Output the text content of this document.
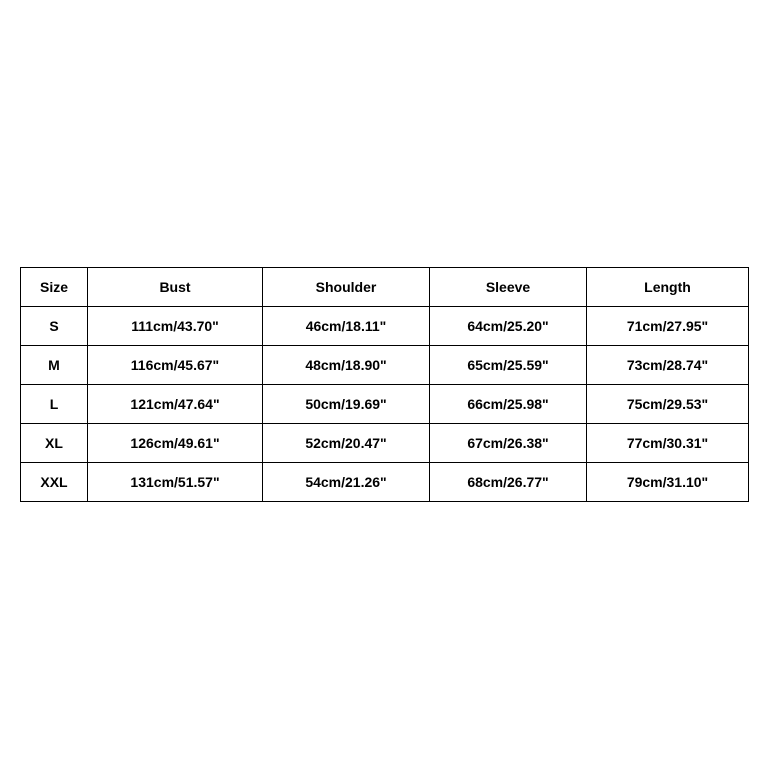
Size	Bust	Shoulder	Sleeve	Length
S	111cm/43.70"	46cm/18.11"	64cm/25.20"	71cm/27.95"
M	116cm/45.67"	48cm/18.90"	65cm/25.59"	73cm/28.74"
L	121cm/47.64"	50cm/19.69"	66cm/25.98"	75cm/29.53"
XL	126cm/49.61"	52cm/20.47"	67cm/26.38"	77cm/30.31"
XXL	131cm/51.57"	54cm/21.26"	68cm/26.77"	79cm/31.10"
